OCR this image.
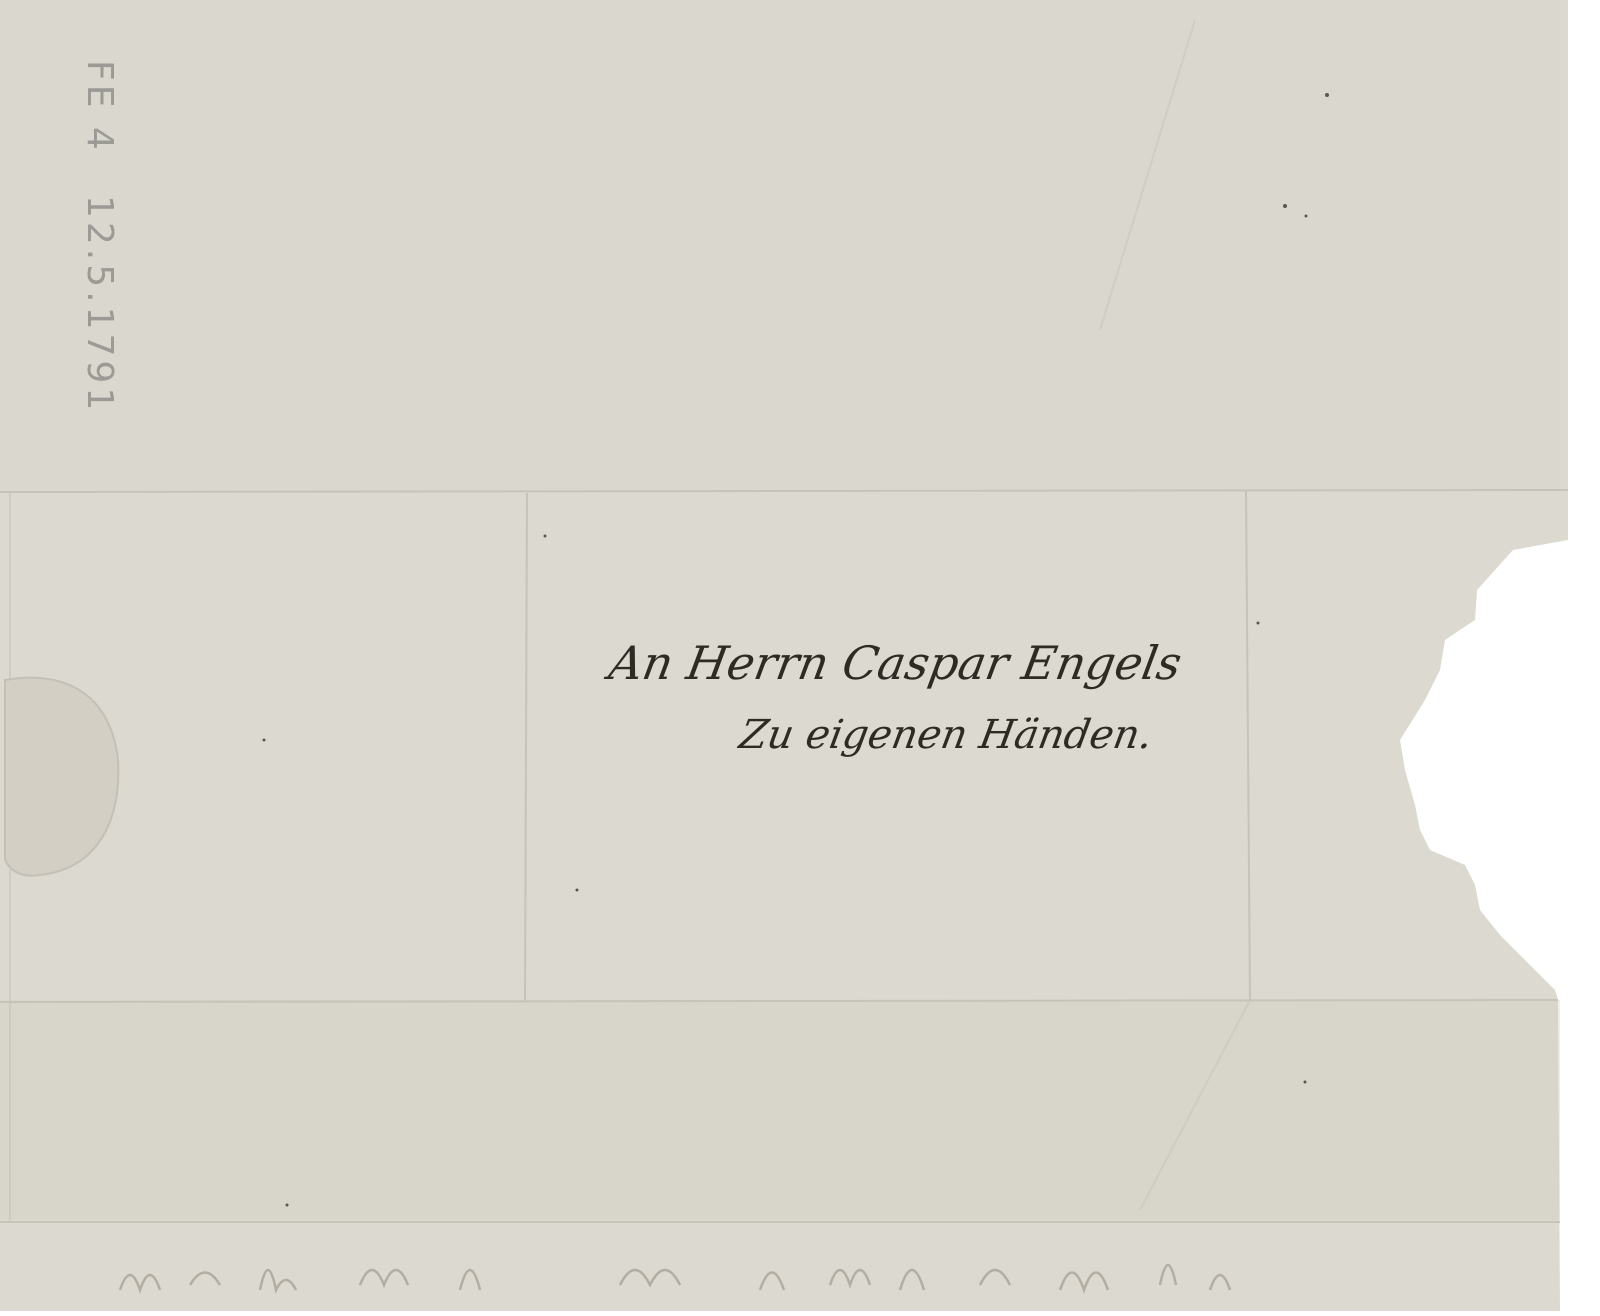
FE 4 12.5.1791
An Herrn Caspar Engels
Zu eigenen Händen.
